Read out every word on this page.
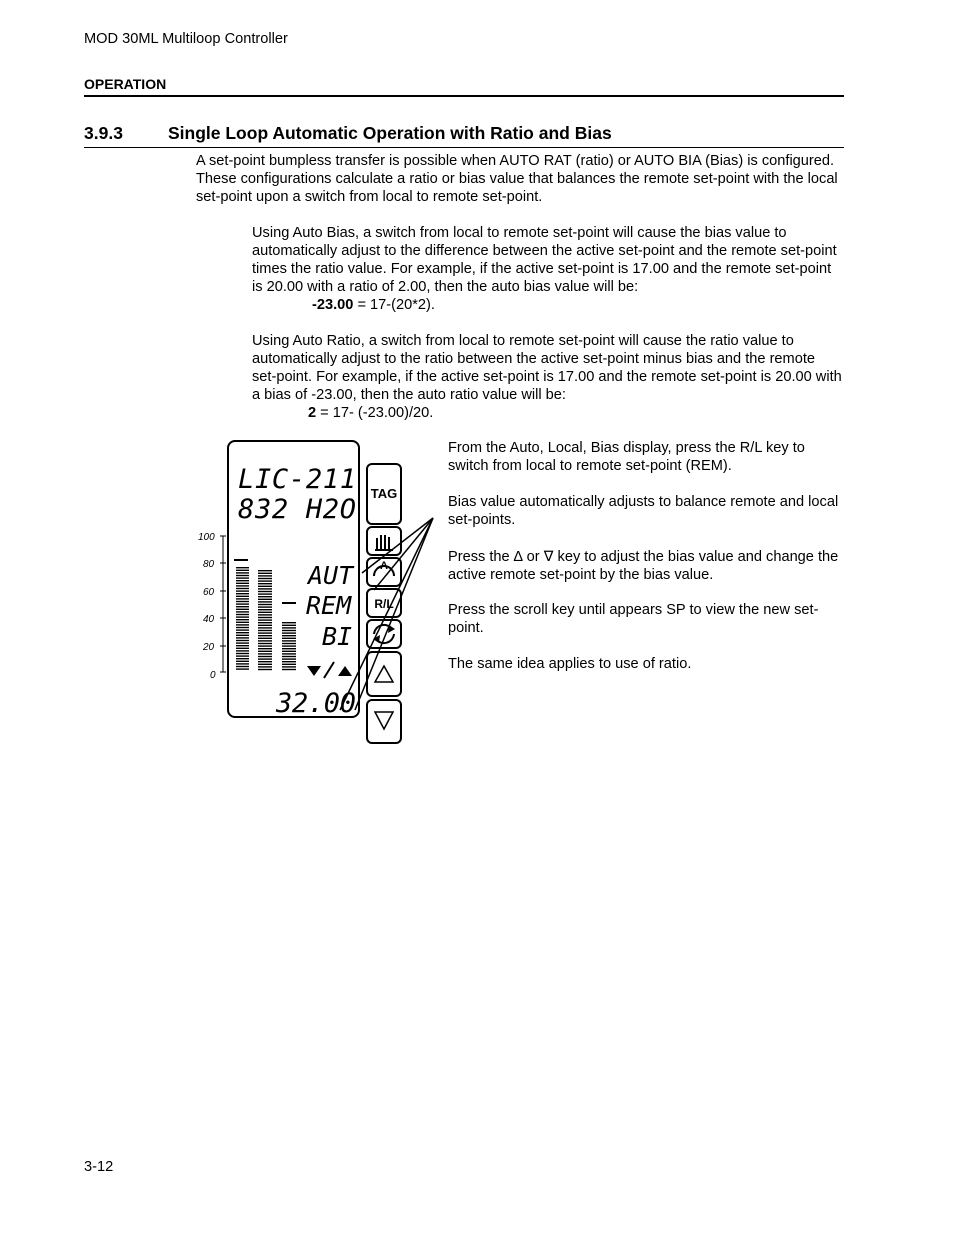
MOD 30ML Multiloop Controller
OPERATION
3.9.3	Single Loop Automatic Operation with Ratio and Bias

A set-point bumpless transfer is possible when AUTO RAT (ratio) or AUTO BIA (Bias) is configured. These configurations calculate a ratio or bias value that balances the remote set-point with the local set-point upon a switch from local to remote set-point.

Using Auto Bias, a switch from local to remote set-point will cause the bias value to automatically adjust to the difference between the active set-point and the remote set-point times the ratio value. For example, if the active set-point is 17.00 and the remote set-point is 20.00 with a ratio of 2.00, then the auto bias value will be:

-23.00 = 17-(20*2).

Using Auto Ratio, a switch from local to remote set-point will cause the ratio value to automatically adjust to the ratio between the active set-point minus bias and the remote set-point. For example, if the active set-point is 17.00 and the remote set-point is 20.00 with a bias of -23.00, then the auto ratio value will be:

2 = 17- (-23.00)/20.

From the Auto, Local, Bias display, press the R/L key to switch from local to remote set-point (REM).

Bias value automatically adjusts to balance remote and local set-points.

Press the ∆ or ∇ key to adjust the bias value and change the active remote set-point by the bias value.

Press the scroll key until appears SP to view the new set-point.

The same idea applies to use of ratio.

LIC-211
832 H2O
AUT
REM
BI
32.00
100
80
60
40
20
0
TAG
A
R/L
3-12
